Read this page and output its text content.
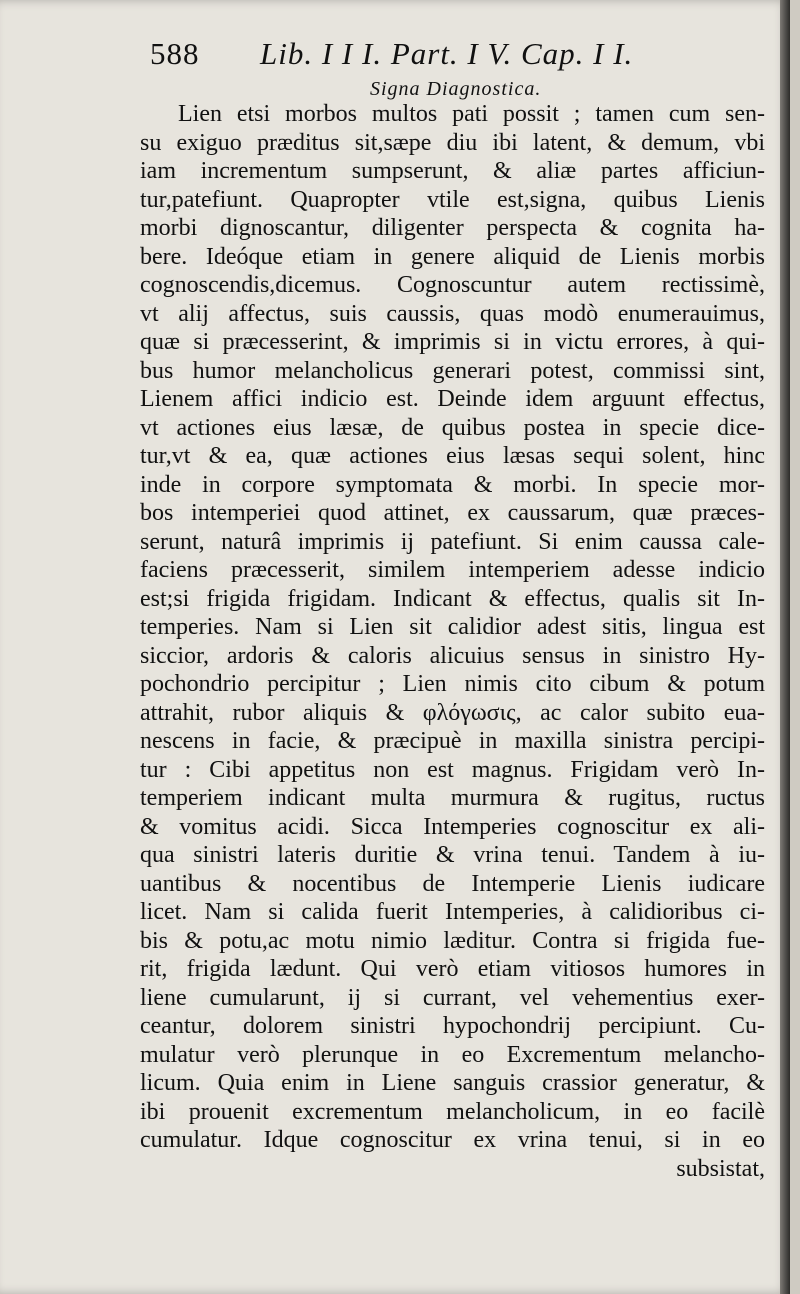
588 Lib. I I I. Part. I V. Cap. I I.
Signa Diagnostica.
Lien etsi morbos multos pati possit ; tamen cum sen-
su exiguo præditus sit,sæpe diu ibi latent, & demum, vbi
iam incrementum sumpserunt, & aliæ partes afficiun-
tur,patefiunt. Quapropter vtile est,signa, quibus Lienis
morbi dignoscantur, diligenter perspecta & cognita ha-
bere. Ideóque etiam in genere aliquid de Lienis morbis
cognoscendis,dicemus. Cognoscuntur autem rectissimè,
vt alij affectus, suis caussis, quas modò enumerauimus,
quæ si præcesserint, & imprimis si in victu errores, à qui-
bus humor melancholicus generari potest, commissi sint,
Lienem affici indicio est. Deinde idem arguunt effectus,
vt actiones eius læsæ, de quibus postea in specie dice-
tur,vt & ea, quæ actiones eius læsas sequi solent, hinc
inde in corpore symptomata & morbi. In specie mor-
bos intemperiei quod attinet, ex caussarum, quæ præces-
serunt, naturâ imprimis ij patefiunt. Si enim caussa cale-
faciens præcesserit, similem intemperiem adesse indicio
est;si frigida frigidam. Indicant & effectus, qualis sit In-
temperies. Nam si Lien sit calidior adest sitis, lingua est
siccior, ardoris & caloris alicuius sensus in sinistro Hy-
pochondrio percipitur ; Lien nimis cito cibum & potum
attrahit, rubor aliquis & φλόγωσις, ac calor subito eua-
nescens in facie, & præcipuè in maxilla sinistra percipi-
tur : Cibi appetitus non est magnus. Frigidam verò In-
temperiem indicant multa murmura & rugitus, ructus
& vomitus acidi. Sicca Intemperies cognoscitur ex ali-
qua sinistri lateris duritie & vrina tenui. Tandem à iu-
uantibus & nocentibus de Intemperie Lienis iudicare
licet. Nam si calida fuerit Intemperies, à calidioribus ci-
bis & potu,ac motu nimio læditur. Contra si frigida fue-
rit, frigida lædunt. Qui verò etiam vitiosos humores in
liene cumularunt, ij si currant, vel vehementius exer-
ceantur, dolorem sinistri hypochondrij percipiunt. Cu-
mulatur verò plerunque in eo Excrementum melancho-
licum. Quia enim in Liene sanguis crassior generatur, &
ibi prouenit excrementum melancholicum, in eo facilè
cumulatur. Idque cognoscitur ex vrina tenui, si in eo
subsistat,
